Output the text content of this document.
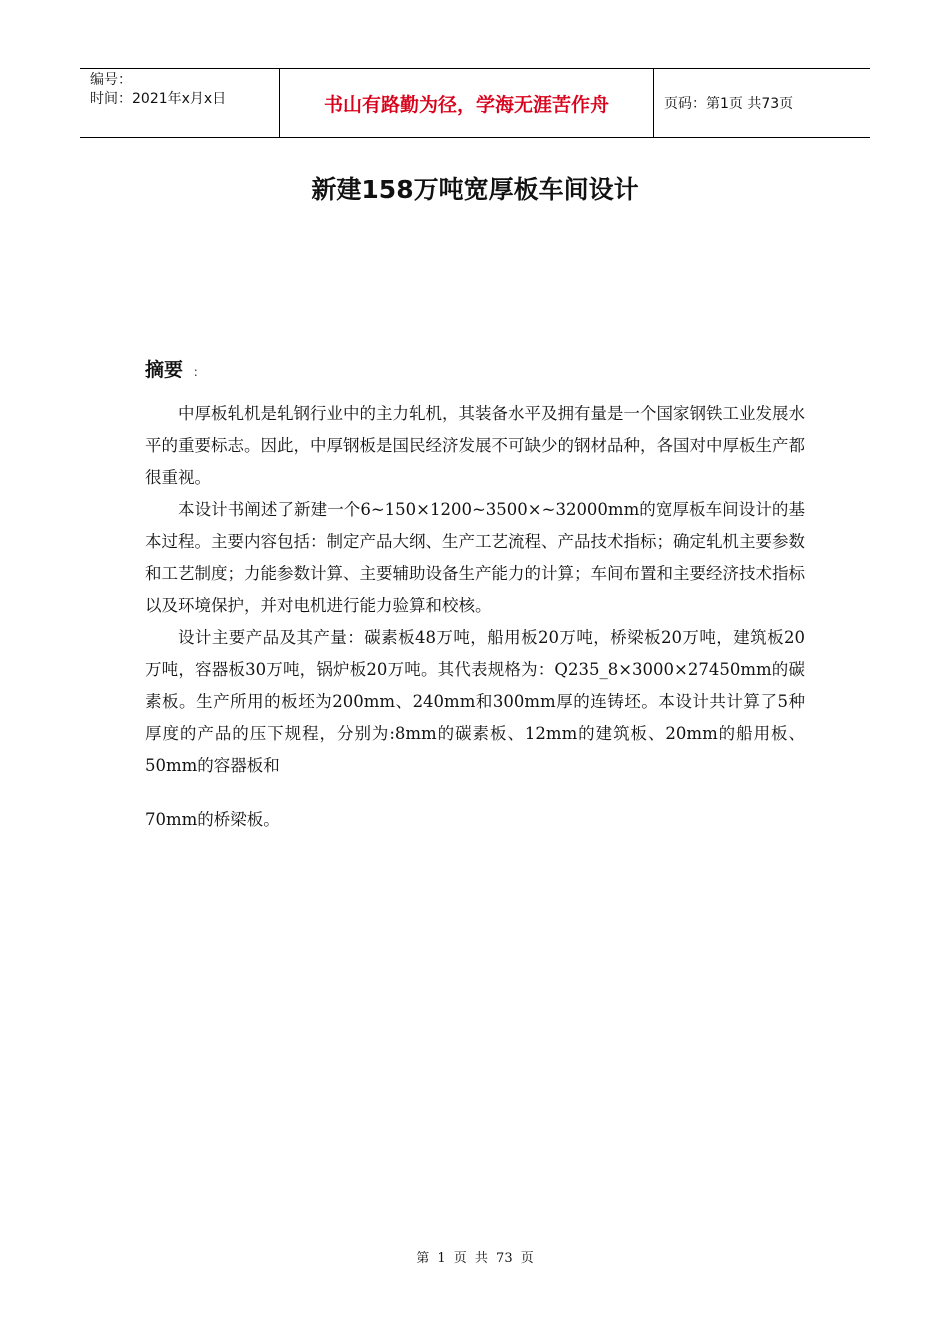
编号：
时间：2021年x月x日	书山有路勤为径，学海无涯苦作舟	页码：第1页 共73页
新建158万吨宽厚板车间设计
摘要 ：

中厚板轧机是轧钢行业中的主力轧机，其装备水平及拥有量是一个国家钢铁工业发展水平的重要标志。因此，中厚钢板是国民经济发展不可缺少的钢材品种，各国对中厚板生产都很重视。

本设计书阐述了新建一个6~150×1200~3500×~32000mm的宽厚板车间设计的基本过程。主要内容包括：制定产品大纲、生产工艺流程、产品技术指标；确定轧机主要参数和工艺制度；力能参数计算、主要辅助设备生产能力的计算；车间布置和主要经济技术指标以及环境保护，并对电机进行能力验算和校核。

设计主要产品及其产量：碳素板48万吨，船用板20万吨，桥梁板20万吨，建筑板20万吨，容器板30万吨，锅炉板20万吨。其代表规格为：Q235_8×3000×27450mm的碳素板。生产所用的板坯为200mm、240mm和300mm厚的连铸坯。本设计共计算了5种厚度的产品的压下规程，分别为:8mm的碳素板、12mm的建筑板、20mm的船用板、50mm的容器板和

70mm的桥梁板。

第 1 页 共 73 页
